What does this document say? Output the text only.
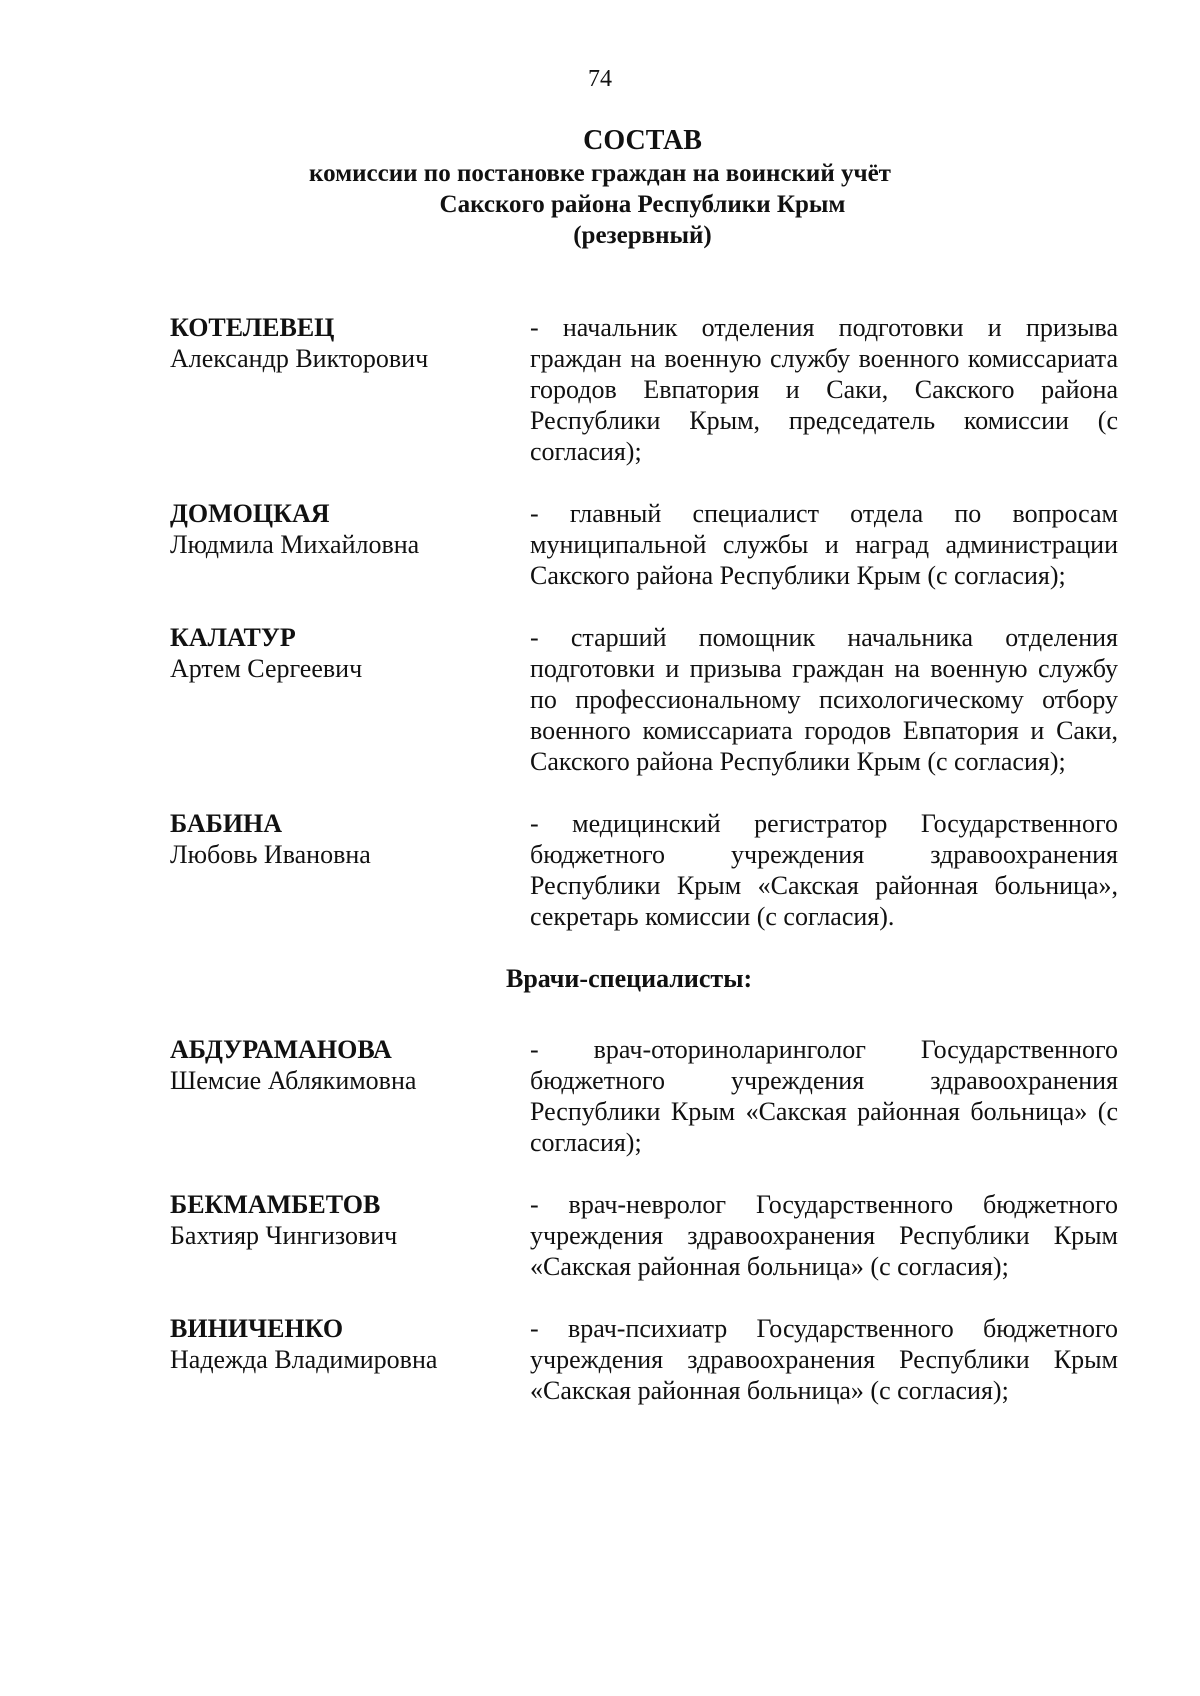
74
СОСТАВ
комиссии по постановке граждан на воинский учёт
Сакского района Республики Крым
(резервный)
КОТЕЛЕВЕЦ
Александр Викторович
- начальник отделения подготовки и призыва граждан на военную службу военного комиссариата городов Евпатория и Саки, Сакского района Республики Крым, председатель комиссии (с согласия);
ДОМОЦКАЯ
Людмила Михайловна
- главный специалист отдела по вопросам муниципальной службы и наград администрации Сакского района Республики Крым (с согласия);
КАЛАТУР
Артем Сергеевич
- старший помощник начальника отделения подготовки и призыва граждан на военную службу по профессиональному психологическому отбору военного комиссариата городов Евпатория и Саки, Сакского района Республики Крым (с согласия);
БАБИНА
Любовь Ивановна
- медицинский регистратор Государственного бюджетного учреждения здравоохранения Республики Крым «Сакская районная больница», секретарь комиссии (с согласия).
Врачи-специалисты:
АБДУРАМАНОВА
Шемсие Аблякимовна
- врач-оториноларинголог Государственного бюджетного учреждения здравоохранения Республики Крым «Сакская районная больница» (с согласия);
БЕКМАМБЕТОВ
Бахтияр Чингизович
- врач-невролог Государственного бюджетного учреждения здравоохранения Республики Крым «Сакская районная больница» (с согласия);
ВИНИЧЕНКО
Надежда Владимировна
- врач-психиатр Государственного бюджетного учреждения здравоохранения Республики Крым «Сакская районная больница» (с согласия);
